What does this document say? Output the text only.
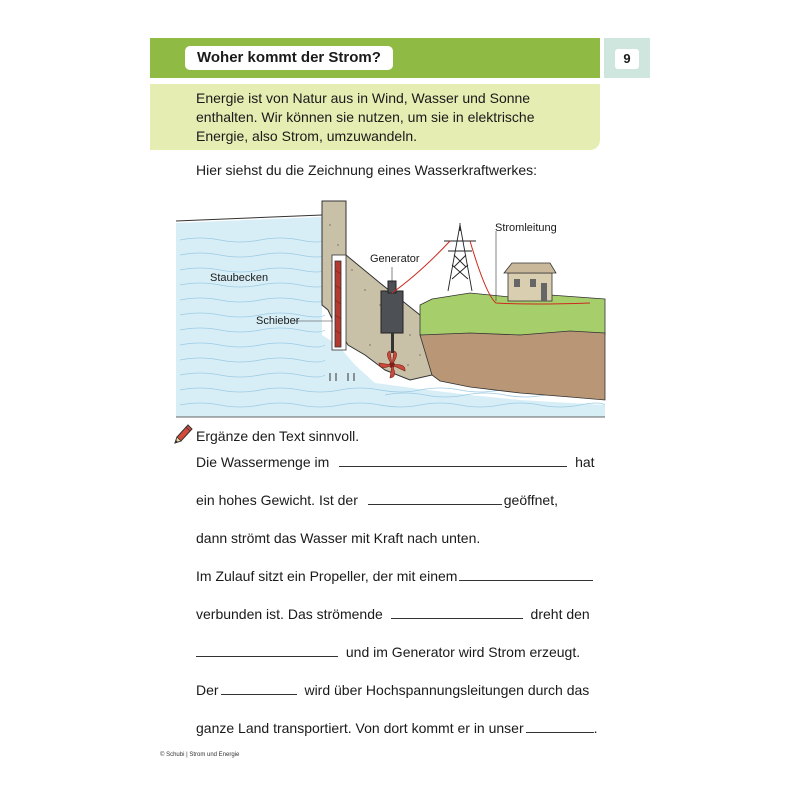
Woher kommt der Strom?	9
Energie ist von Natur aus in Wind, Wasser und Sonne
enthalten. Wir können sie nutzen, um sie in elektrische
Energie, also Strom, umzuwandeln.
Hier siehst du die Zeichnung eines Wasserkraftwerkes:
Staubecken
Schieber
Generator
Stromleitung
Ergänze den Text sinnvoll.
Die Wassermenge im	hat
ein hohes Gewicht. Ist der	geöffnet,
dann strömt das Wasser mit Kraft nach unten.
Im Zulauf sitzt ein Propeller, der mit einem
verbunden ist. Das strömende	dreht den
und im Generator wird Strom erzeugt.
Der	wird über Hochspannungsleitungen durch das
ganze Land transportiert. Von dort kommt er in unser	.
© Schubi | Strom und Energie
